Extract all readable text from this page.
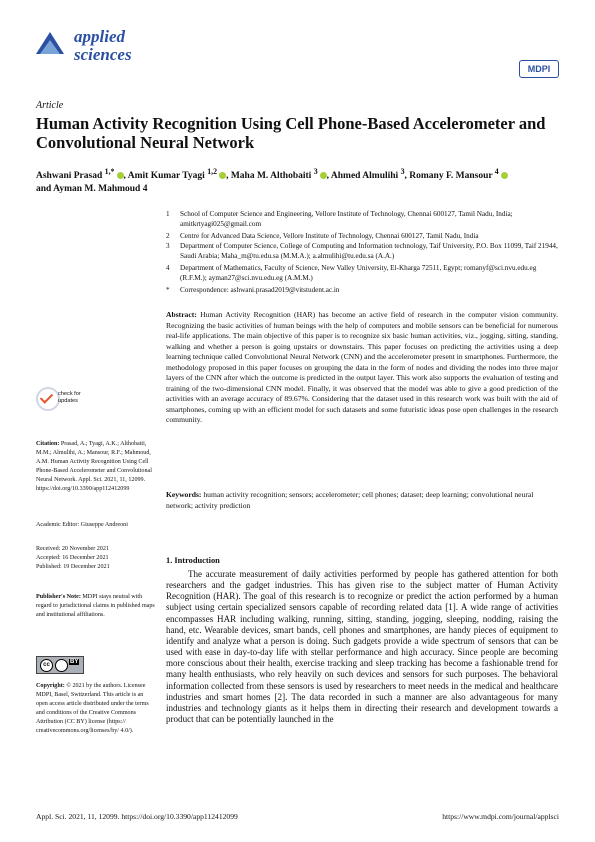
applied
sciences
MDPI
Article
Human Activity Recognition Using Cell Phone-Based Accelerometer and Convolutional Neural Network
Ashwani Prasad $^{1,*}$ , Amit Kumar Tyagi $^{1,2}$ , Maha M. Althobaiti $^3$ , Ahmed Almulihi $^3$, Romany F. Mansour $^4$
and Ayman M. Mahmoud 4
1 School of Computer Science and Engineering, Vellore Institute of Technology, Chennai 600127, Tamil Nadu, India; amitkrtyagi025@gmail.com
2 Centre for Advanced Data Science, Vellore Institute of Technology, Chennai 600127, Tamil Nadu, India
3 Department of Computer Science, College of Computing and Information technology, Taif University, P.O. Box 11099, Taif 21944, Saudi Arabia; Maha_m@tu.edu.sa (M.M.A.); a.almulihi@tu.edu.sa (A.A.)
4 Department of Mathematics, Faculty of Science, New Valley University, El-Kharga 72511, Egypt; romanyf@sci.nvu.edu.eg (R.F.M.); ayman27@sci.nvu.edu.eg (A.M.M.)
* Correspondence: ashwani.prasad2019@vitstudent.ac.in
Abstract: Human Activity Recognition (HAR) has become an active field of research in the computer vision community. Recognizing the basic activities of human beings with the help of computers and mobile sensors can be beneficial for numerous real-life applications. The main objective of this paper is to recognize six basic human activities, viz., jogging, sitting, standing, walking and whether a person is going upstairs or downstairs. This paper focuses on predicting the activities using a deep learning technique called Convolutional Neural Network (CNN) and the accelerometer present in smartphones. Furthermore, the methodology proposed in this paper focuses on grouping the data in the form of nodes and dividing the nodes into three major layers of the CNN after which the outcome is predicted in the output layer. This work also supports the evaluation of testing and training of the two-dimensional CNN model. Finally, it was observed that the model was able to give a good prediction of the activities with an average accuracy of 89.67%. Considering that the dataset used in this research work was built with the aid of smartphones, coming up with an efficient model for such datasets and some futuristic ideas pose open challenges in the research community.
Keywords: human activity recognition; sensors; accelerometer; cell phones; dataset; deep learning; convolutional neural network; activity prediction
check for updates
Citation: Prasad, A.; Tyagi, A.K.; Althobaiti, M.M.; Almulihi, A.; Mansour, R.F.; Mahmoud, A.M. Human Activity Recognition Using Cell Phone-Based Accelerometer and Convolutional Neural Network. Appl. Sci. 2021, 11, 12099. https://doi.org/10.3390/app112412099
Academic Editor: Giuseppe Andreoni
Received: 20 November 2021
Accepted: 16 December 2021
Published: 19 December 2021
Publisher's Note: MDPI stays neutral with regard to jurisdictional claims in published maps and institutional affiliations.
cc	BY
Copyright: © 2021 by the authors. Licensee MDPI, Basel, Switzerland. This article is an open access article distributed under the terms and conditions of the Creative Commons Attribution (CC BY) license (https:// creativecommons.org/licenses/by/ 4.0/).
1. Introduction
The accurate measurement of daily activities performed by people has gathered attention for both researchers and the gadget industries. This has given rise to the subject matter of Human Activity Recognition (HAR). The goal of this research is to recognize or predict the action performed by a human subject using certain specialized sensors capable of recording related data [1]. A wide range of activities encompasses HAR including walking, running, sitting, standing, jogging, sleeping, nodding, raising the hand, etc. Wearable devices, smart bands, cell phones and smartphones, are handy pieces of equipment to identify and analyze what a person is doing. Such gadgets provide a wide spectrum of sensors that can be used with ease in day-to-day life with stellar performance and high accuracy. Since people are becoming more conscious about their health, exercise tracking and sleep tracking has become a fashionable trend for many health enthusiasts, who rely heavily on such devices and sensors for such purposes. The behavioral information collected from these sensors is used by researchers to meet needs in the medical and healthcare industries and smart homes [2]. The data recorded in such a manner are also advantageous for many industries and technology giants as it helps them in directing their research and development towards a product that can be potentially launched in the
Appl. Sci. 2021, 11, 12099. https://doi.org/10.3390/app112412099	https://www.mdpi.com/journal/applsci
